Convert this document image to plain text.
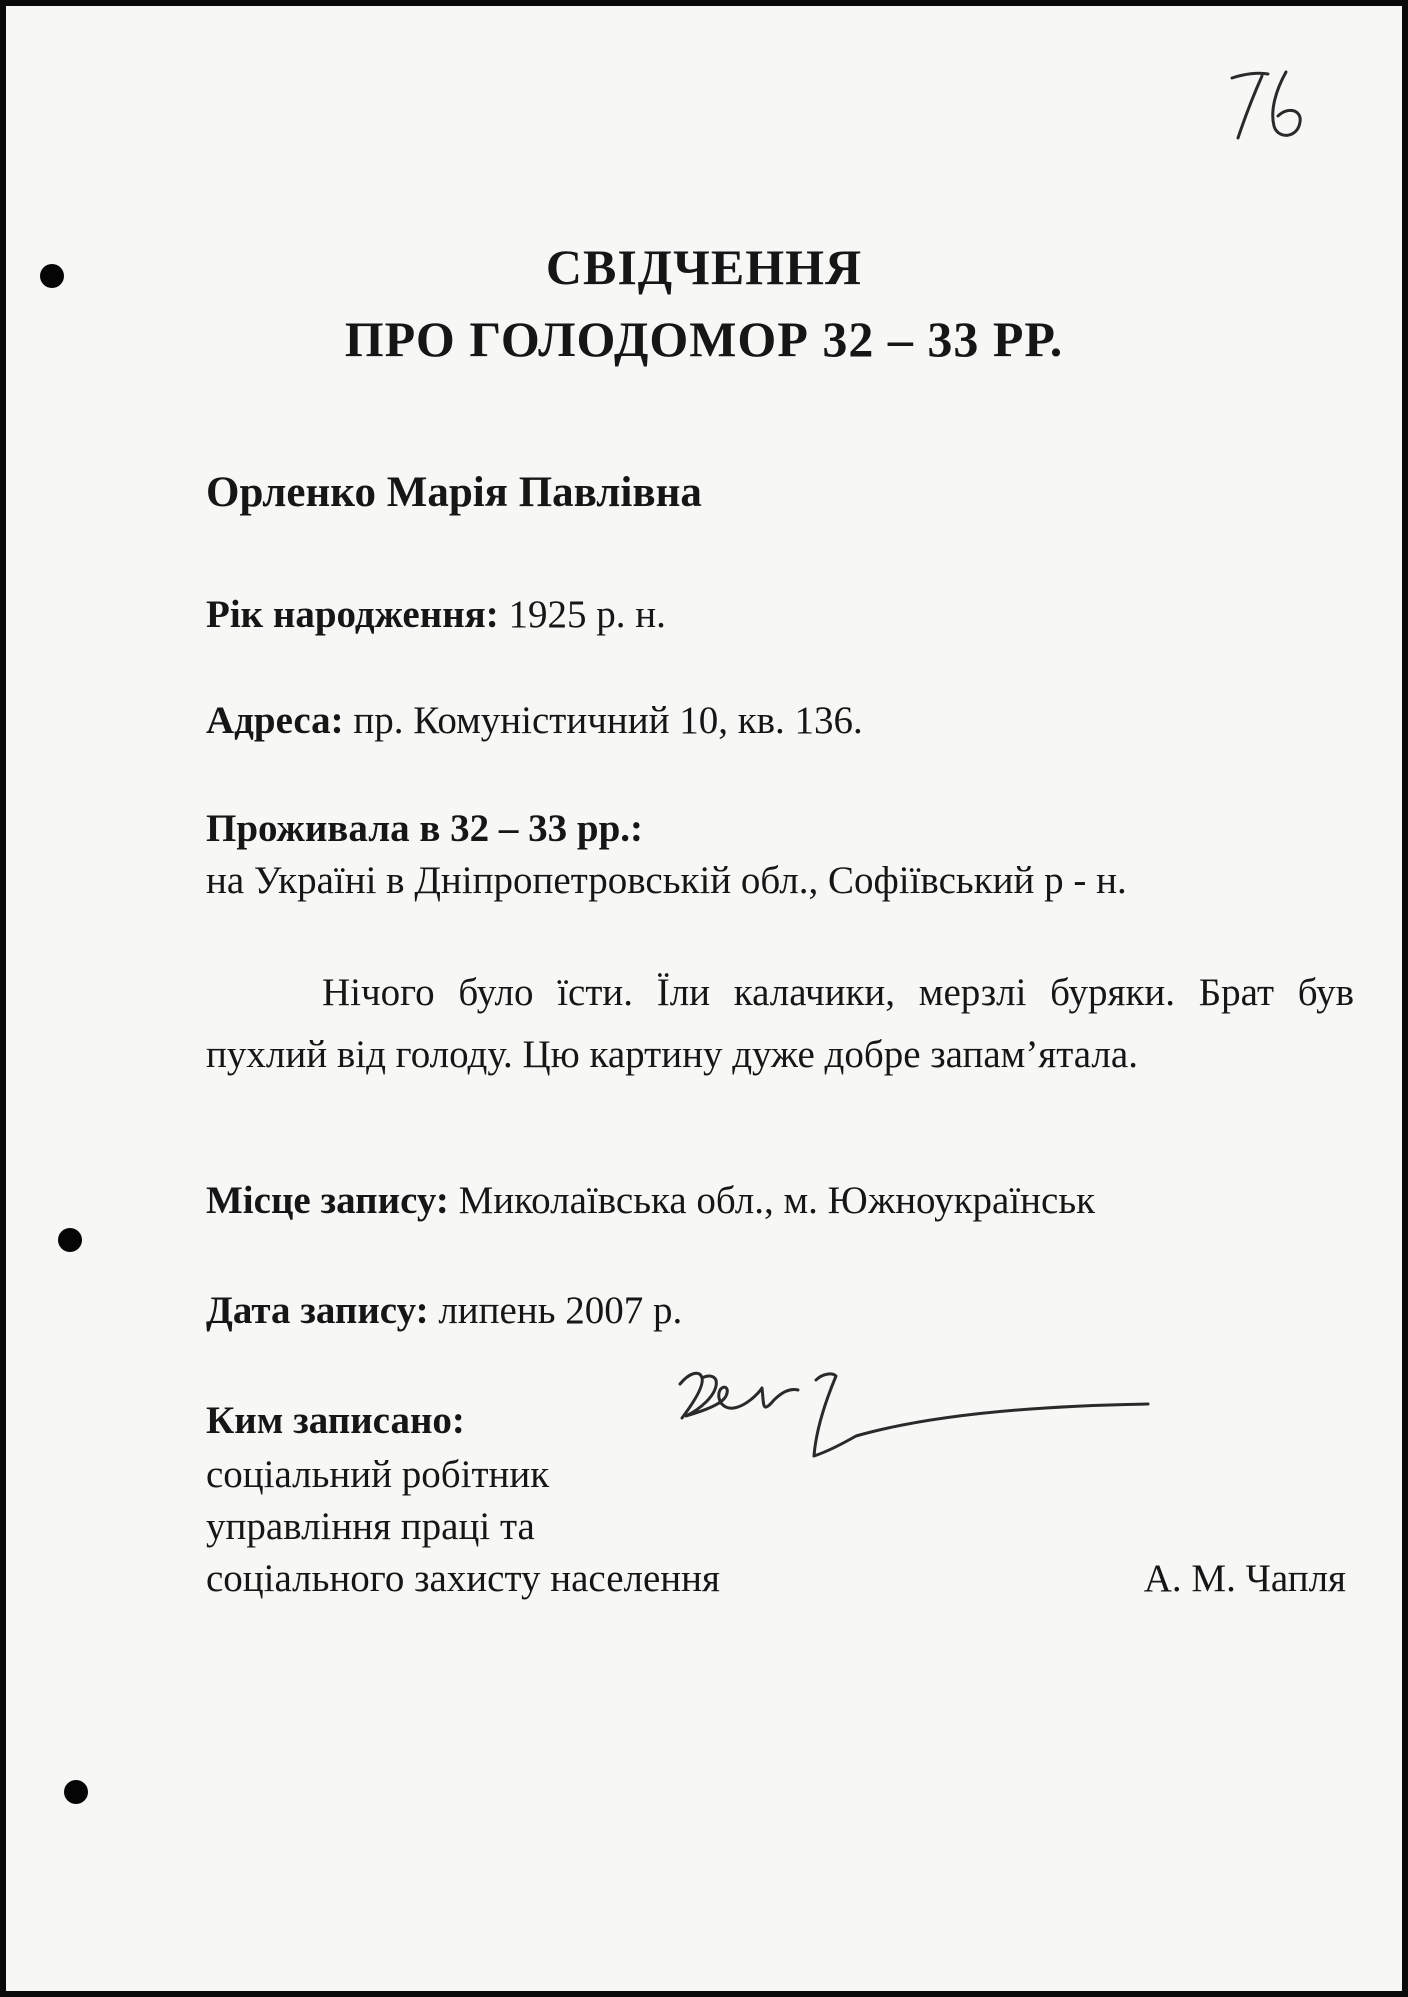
СВІДЧЕННЯ
ПРО ГОЛОДОМОР 32 – 33 РР.
Орленко Марія Павлівна
Рік народження: 1925 р. н.
Адреса: пр. Комуністичний 10, кв. 136.
Проживала в 32 – 33 рр.:
на Україні в Дніпропетровській обл., Софіївський р - н.
Нічого було їсти. Їли калачики, мерзлі буряки. Брат був пухлий від голоду. Цю картину дуже добре запам’ятала.
Місце запису: Миколаївська обл., м. Южноукраїнськ
Дата запису: липень 2007 р.
Ким записано:
соціальний робітник
управління праці та
соціального захисту населення	А. М. Чапля
